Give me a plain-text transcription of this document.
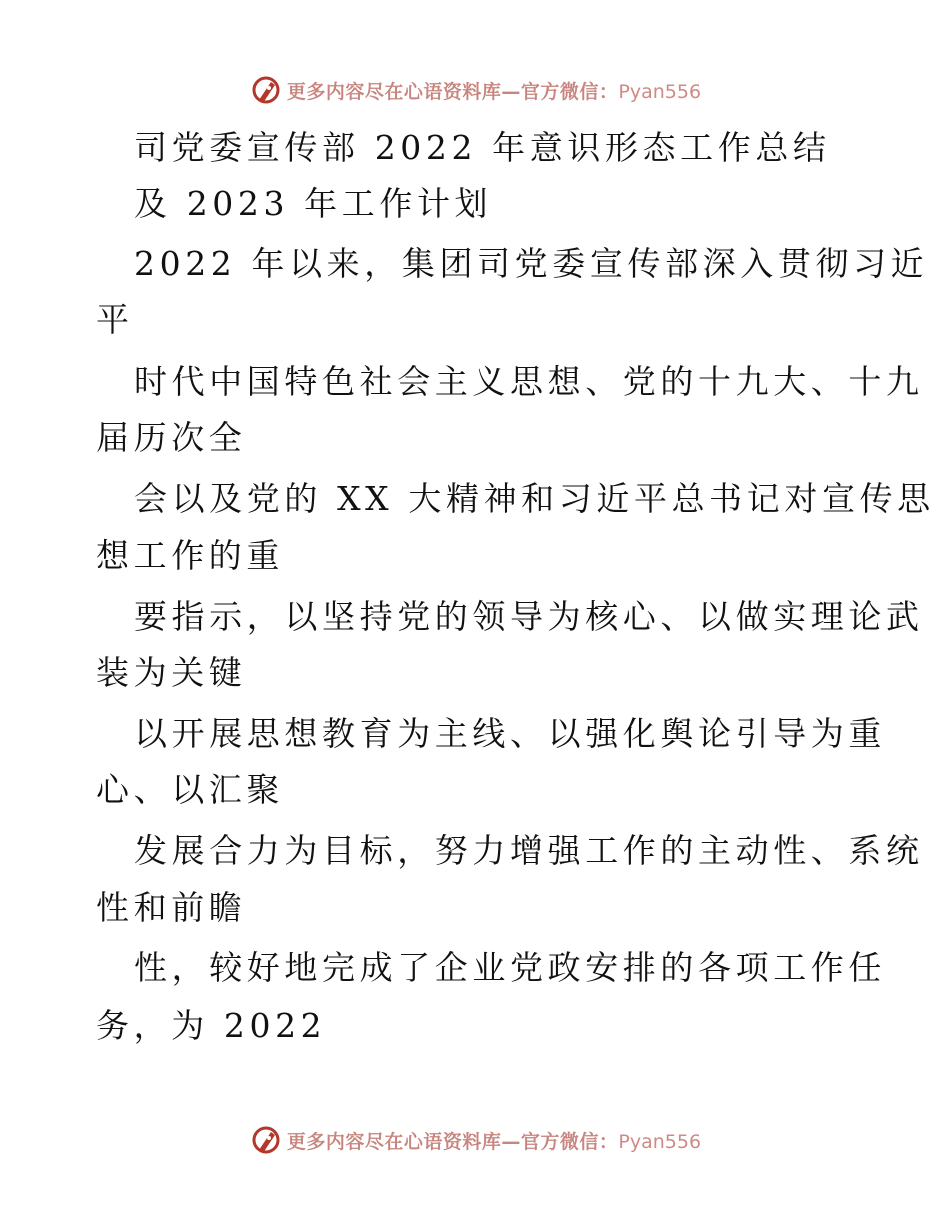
更多内容尽在心语资料库—官方微信：Pyan556
司党委宣传部 2022 年意识形态工作总结
及 2023 年工作计划
2022 年以来，集团司党委宣传部深入贯彻习近
平
时代中国特色社会主义思想、党的十九大、十九
届历次全
会以及党的 XX 大精神和习近平总书记对宣传思
想工作的重
要指示，以坚持党的领导为核心、以做实理论武
装为关键
以开展思想教育为主线、以强化舆论引导为重
心、以汇聚
发展合力为目标，努力增强工作的主动性、系统
性和前瞻
性，较好地完成了企业党政安排的各项工作任
务，为 2022
更多内容尽在心语资料库—官方微信：Pyan556
